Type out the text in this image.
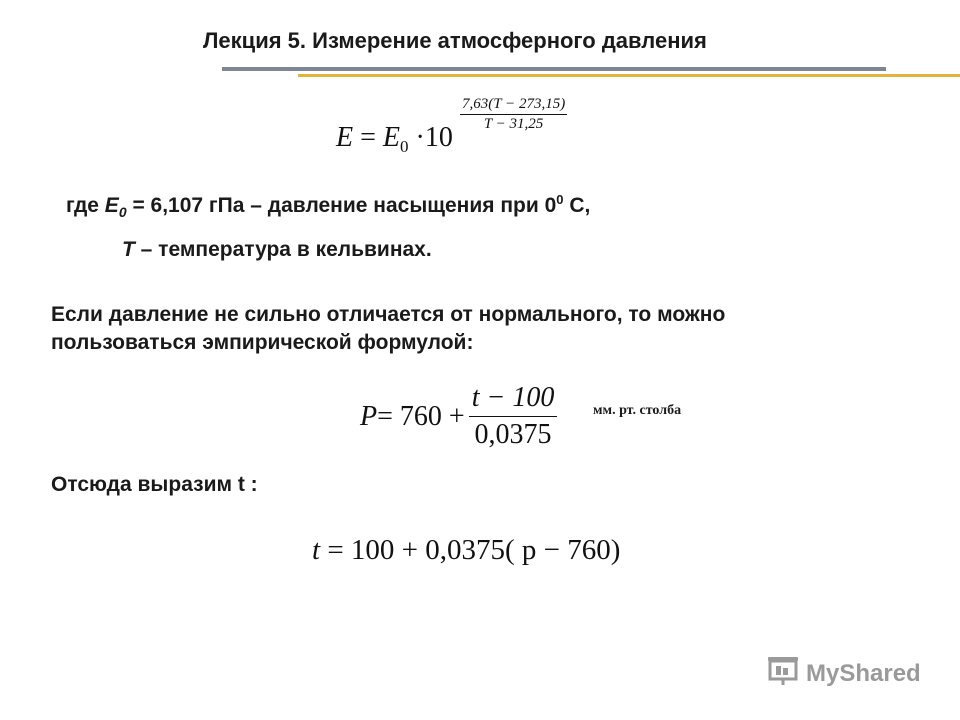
Лекция 5. Измерение атмосферного давления
$E = E_0 \cdot 10$
$\frac{7,63(T - 273,15)}{T - 31,25}$
где $E_0 = 6,107$ гПа – давление насыщения при $0^0$ С,
T – температура в кельвинах.
Если давление не сильно отличается от нормального, то можно
пользоваться эмпирической формулой:
$P = 760 + \frac{t - 100}{0,0375}$	мм. рт. столба
Отсюда выразим t :
t = 100 + 0,0375( p − 760)
MyShared
